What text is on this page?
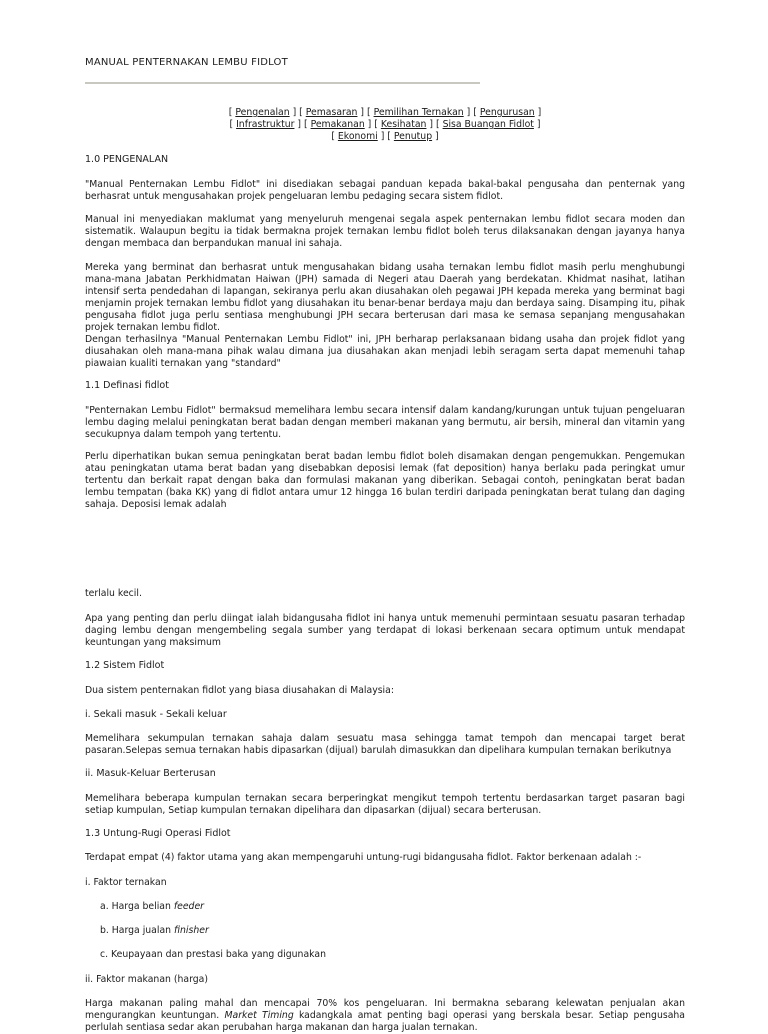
MANUAL PENTERNAKAN LEMBU FIDLOT
[ Pengenalan ] [ Pemasaran ] [ Pemilihan Ternakan ] [ Pengurusan ]
[ Infrastruktur ] [ Pemakanan ] [ Kesihatan ] [ Sisa Buangan Fidlot ]
[ Ekonomi ] [ Penutup ]
1.0 PENGENALAN

"Manual Penternakan Lembu Fidlot" ini disediakan sebagai panduan kepada bakal-bakal pengusaha dan penternak yang berhasrat untuk mengusahakan projek pengeluaran lembu pedaging secara sistem fidlot.

Manual ini menyediakan maklumat yang menyeluruh mengenai segala aspek penternakan lembu fidlot secara moden dan sistematik. Walaupun begitu ia tidak bermakna projek ternakan lembu fidlot boleh terus dilaksanakan dengan jayanya hanya dengan membaca dan berpandukan manual ini sahaja.

Mereka yang berminat dan berhasrat untuk mengusahakan bidang usaha ternakan lembu fidlot masih perlu menghubungi mana-mana Jabatan Perkhidmatan Haiwan (JPH) samada di Negeri atau Daerah yang berdekatan. Khidmat nasihat, latihan intensif serta pendedahan di lapangan, sekiranya perlu akan diusahakan oleh pegawai JPH kepada mereka yang berminat bagi menjamin projek ternakan lembu fidlot yang diusahakan itu benar-benar berdaya maju dan berdaya saing. Disamping itu, pihak pengusaha fidlot juga perlu sentiasa menghubungi JPH secara berterusan dari masa ke semasa sepanjang mengusahakan projek ternakan lembu fidlot.

Dengan terhasilnya "Manual Penternakan Lembu Fidlot" ini, JPH berharap perlaksanaan bidang usaha dan projek fidlot yang diusahakan oleh mana-mana pihak walau dimana jua diusahakan akan menjadi lebih seragam serta dapat memenuhi tahap piawaian kualiti ternakan yang "standard"

1.1 Definasi fidlot

"Penternakan Lembu Fidlot" bermaksud memelihara lembu secara intensif dalam kandang/kurungan untuk tujuan pengeluaran lembu daging melalui peningkatan berat badan dengan memberi makanan yang bermutu, air bersih, mineral dan vitamin yang secukupnya dalam tempoh yang tertentu.

Perlu diperhatikan bukan semua peningkatan berat badan lembu fidlot boleh disamakan dengan pengemukkan. Pengemukan atau peningkatan utama berat badan yang disebabkan deposisi lemak (fat deposition) hanya berlaku pada peringkat umur tertentu dan berkait rapat dengan baka dan formulasi makanan yang diberikan. Sebagai contoh, peningkatan berat badan lembu tempatan (baka KK) yang di fidlot antara umur 12 hingga 16 bulan terdiri daripada peningkatan berat tulang dan daging sahaja. Deposisi lemak adalah

terlalu kecil.

Apa yang penting dan perlu diingat ialah bidangusaha fidlot ini hanya untuk memenuhi permintaan sesuatu pasaran terhadap daging lembu dengan mengembeling segala sumber yang terdapat di lokasi berkenaan secara optimum untuk mendapat keuntungan yang maksimum

1.2 Sistem Fidlot

Dua sistem penternakan fidlot yang biasa diusahakan di Malaysia:

i. Sekali masuk - Sekali keluar

Memelihara sekumpulan ternakan sahaja dalam sesuatu masa sehingga tamat tempoh dan mencapai target berat pasaran.Selepas semua ternakan habis dipasarkan (dijual) barulah dimasukkan dan dipelihara kumpulan ternakan berikutnya

ii. Masuk-Keluar Berterusan

Memelihara beberapa kumpulan ternakan secara berperingkat mengikut tempoh tertentu berdasarkan target pasaran bagi setiap kumpulan, Setiap kumpulan ternakan dipelihara dan dipasarkan (dijual) secara berterusan.

1.3 Untung-Rugi Operasi Fidlot

Terdapat empat (4) faktor utama yang akan mempengaruhi untung-rugi bidangusaha fidlot. Faktor berkenaan adalah :-

i. Faktor ternakan
a. Harga belian feeder
b. Harga jualan finisher
c. Keupayaan dan prestasi baka yang digunakan
ii. Faktor makanan (harga)

Harga makanan paling mahal dan mencapai 70% kos pengeluaran. Ini bermakna sebarang kelewatan penjualan akan mengurangkan keuntungan. Market Timing kadangkala amat penting bagi operasi yang berskala besar. Setiap pengusaha perlulah sentiasa sedar akan perubahan harga makanan dan harga jualan ternakan.
